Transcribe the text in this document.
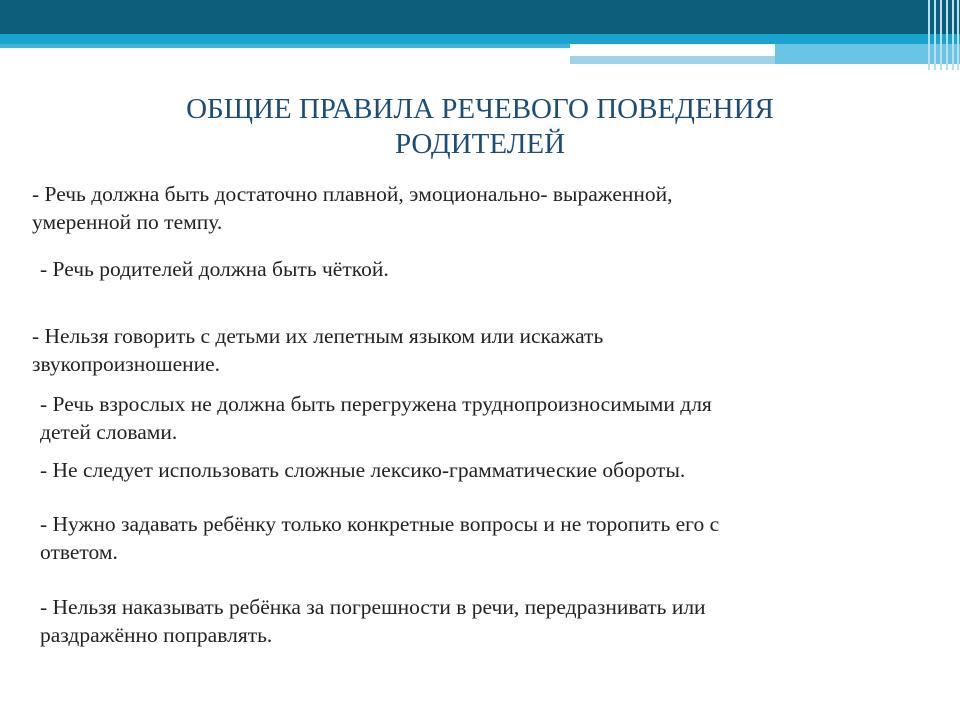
ОБЩИЕ ПРАВИЛА РЕЧЕВОГО ПОВЕДЕНИЯ
РОДИТЕЛЕЙ

- Речь должна быть достаточно плавной, эмоционально- выраженной,
умеренной по темпу.

- Речь родителей должна быть чёткой.

- Нельзя говорить с детьми их лепетным языком или искажать
звукопроизношение.

- Речь взрослых не должна быть перегружена труднопроизносимыми для
детей словами.

- Не следует использовать сложные лексико-грамматические обороты.

- Нужно задавать ребёнку только конкретные вопросы и не торопить его с
ответом.

- Нельзя наказывать ребёнка за погрешности в речи, передразнивать или
раздражённо поправлять.
